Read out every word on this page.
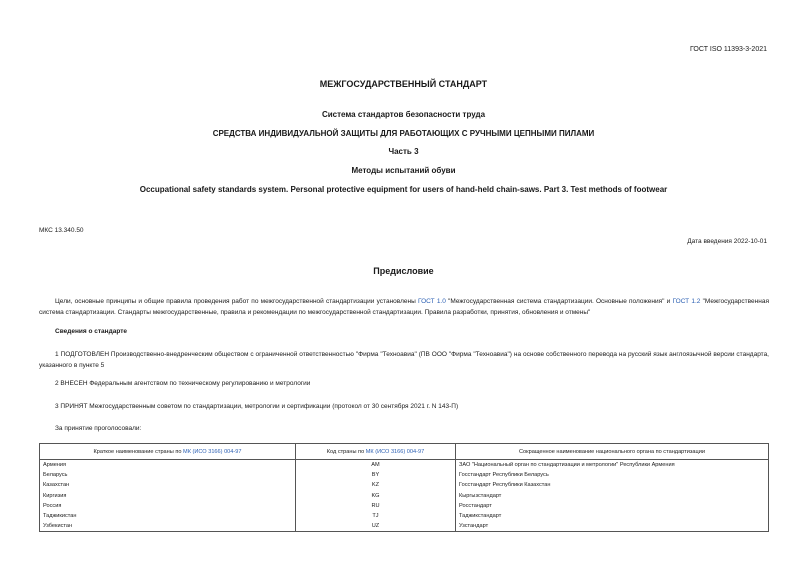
ГОСТ ISO 11393-3-2021
МЕЖГОСУДАРСТВЕННЫЙ СТАНДАРТ
Система стандартов безопасности труда
СРЕДСТВА ИНДИВИДУАЛЬНОЙ ЗАЩИТЫ ДЛЯ РАБОТАЮЩИХ С РУЧНЫМИ ЦЕПНЫМИ ПИЛАМИ
Часть 3
Методы испытаний обуви
Occupational safety standards system. Personal protective equipment for users of hand-held chain-saws. Part 3. Test methods of footwear
МКС 13.340.50
Дата введения 2022-10-01
Предисловие
Цели, основные принципы и общие правила проведения работ по межгосударственной стандартизации установлены ГОСТ 1.0 "Межгосударственная система стандартизации. Основные положения" и ГОСТ 1.2 "Межгосударственная система стандартизации. Стандарты межгосударственные, правила и рекомендации по межгосударственной стандартизации. Правила разработки, принятия, обновления и отмены"
Сведения о стандарте
1 ПОДГОТОВЛЕН Производственно-внедренческим обществом с ограниченной ответственностью "Фирма "Техноавиа" (ПВ ООО "Фирма "Техноавиа") на основе собственного перевода на русский язык англоязычной версии стандарта, указанного в пункте 5
2 ВНЕСЕН Федеральным агентством по техническому регулированию и метрологии
3 ПРИНЯТ Межгосударственным советом по стандартизации, метрологии и сертификации (протокол от 30 сентября 2021 г. N 143-П)
За принятие проголосовали:
Краткое наименование страны по МК (ИСО 3166) 004-97	Код страны по МК (ИСО 3166) 004-97	Сокращенное наименование национального органа по стандартизации
Армения	AM	ЗАО "Национальный орган по стандартизации и метрологии" Республики Армения
Беларусь	BY	Госстандарт Республики Беларусь
Казахстан	KZ	Госстандарт Республики Казахстан
Киргизия	KG	Кыргызстандарт
Россия	RU	Росстандарт
Таджикистан	TJ	Таджикстандарт
Узбекистан	UZ	Узстандарт
